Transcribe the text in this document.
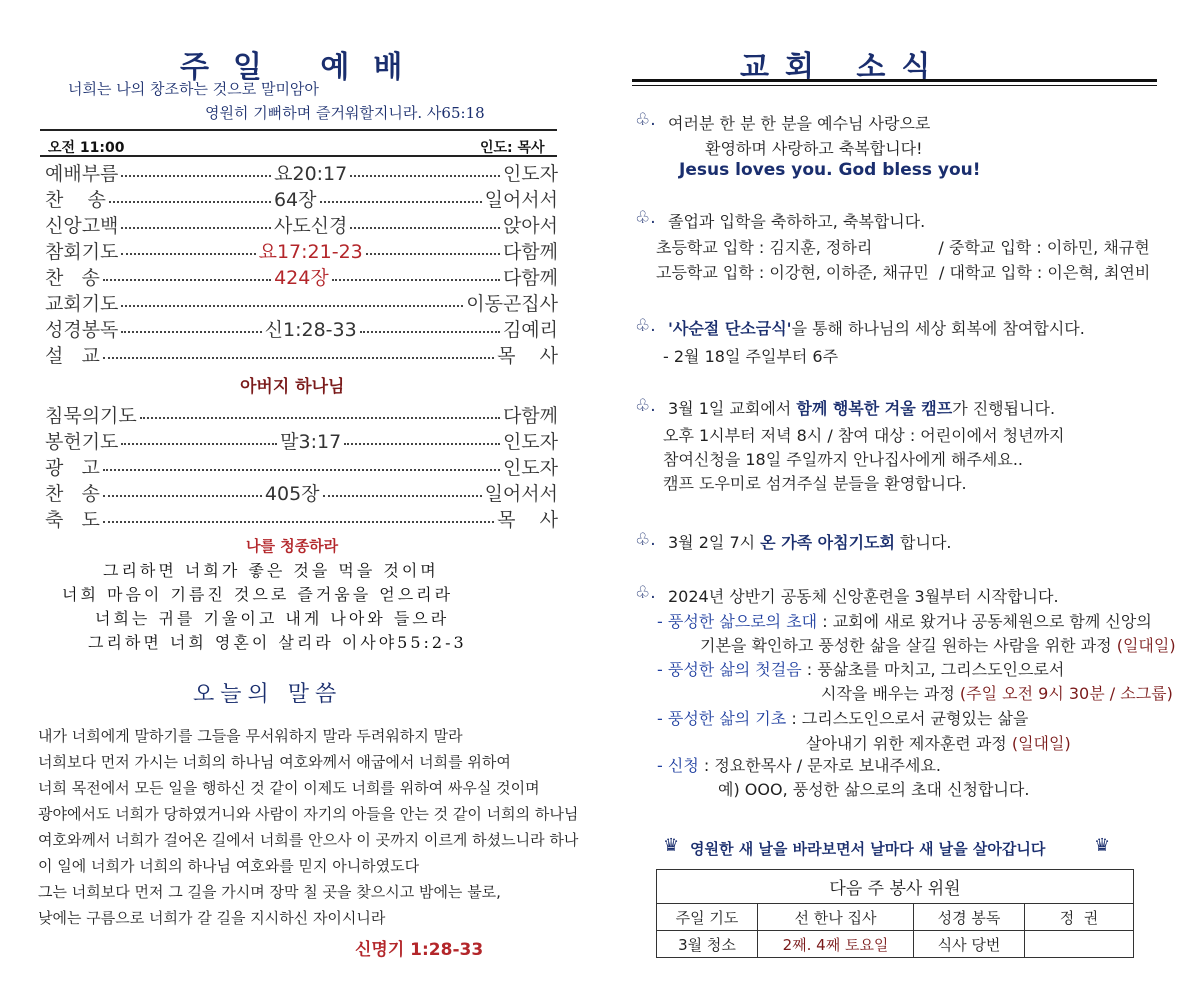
주일 예배
너희는 나의 창조하는 것으로 말미암아
영원히 기뻐하며 즐거워할지니라. 사65:18
오전 11:00	인도: 목사
예배부름	요20:17	인도자
찬    송	64장	일어서서
신앙고백	사도신경	앉아서
참회기도	요17:21-23	다함께
찬   송	424장	다함께
교회기도	이동곤집사
성경봉독	신1:28-33	김예리
설   교	목    사
아버지 하나님
침묵의기도	다함께
봉헌기도	말3:17	인도자
광   고	인도자
찬   송	405장	일어서서
축   도	목    사
나를 청종하라
그리하면 너희가 좋은 것을 먹을 것이며
너희 마음이 기름진 것으로 즐거움을 얻으리라
너희는 귀를 기울이고 내게 나아와 들으라
그리하면 너희 영혼이 살리라 이사야55:2-3
오늘의 말씀
내가 너희에게 말하기를 그들을 무서워하지 말라 두려워하지 말라
너희보다 먼저 가시는 너희의 하나님 여호와께서 애굽에서 너희를 위하여
너희 목전에서 모든 일을 행하신 것 같이 이제도 너희를 위하여 싸우실 것이며
광야에서도 너희가 당하였거니와 사람이 자기의 아들을 안는 것 같이 너희의 하나님
여호와께서 너희가 걸어온 길에서 너희를 안으사 이 곳까지 이르게 하셨느니라 하나
이 일에 너희가 너희의 하나님 여호와를 믿지 아니하였도다
그는 너희보다 먼저 그 길을 가시며 장막 칠 곳을 찾으시고 밤에는 불로,
낮에는 구름으로 너희가 갈 길을 지시하신 자이시니라
신명기 1:28-33
교회 소식
♧. 여러분 한 분 한 분을 예수님 사랑으로
환영하며 사랑하고 축복합니다!
Jesus loves you. God bless you!
♧. 졸업과 입학을 축하하고, 축복합니다.
초등학교 입학 : 김지훈, 정하리             / 중학교 입학 : 이하민, 채규현
고등학교 입학 : 이강현, 이하준, 채규민  / 대학교 입학 : 이은혁, 최연비
♧. '사순절 단소금식'을 통해 하나님의 세상 회복에 참여합시다.
- 2월 18일 주일부터 6주
♧. 3월 1일 교회에서 함께 행복한 겨울 캠프가 진행됩니다.
오후 1시부터 저녁 8시 / 참여 대상 : 어린이에서 청년까지
참여신청을 18일 주일까지 안나집사에게 해주세요..
캠프 도우미로 섬겨주실 분들을 환영합니다.
♧. 3월 2일 7시 온 가족 아침기도회 합니다.
♧. 2024년 상반기 공동체 신앙훈련을 3월부터 시작합니다.
- 풍성한 삶으로의 초대 : 교회에 새로 왔거나 공동체원으로 함께 신앙의
기본을 확인하고 풍성한 삶을 살길 원하는 사람을 위한 과정 (일대일)
- 풍성한 삶의 첫걸음 : 풍삶초를 마치고, 그리스도인으로서
시작을 배우는 과정 (주일 오전 9시 30분 / 소그룹)
- 풍성한 삶의 기초 : 그리스도인으로서 균형있는 삶을
살아내기 위한 제자훈련 과정 (일대일)
- 신청 : 정요한목사 / 문자로 보내주세요.
예) OOO, 풍성한 삶으로의 초대 신청합니다.
♛ 영원한 새 날을 바라보면서 날마다 새 날을 살아갑니다	♛
다음 주 봉사 위원			
주일 기도	선 한나 집사	성경 봉독	정  권
3월 청소	2째. 4째 토요일	식사 당번	
